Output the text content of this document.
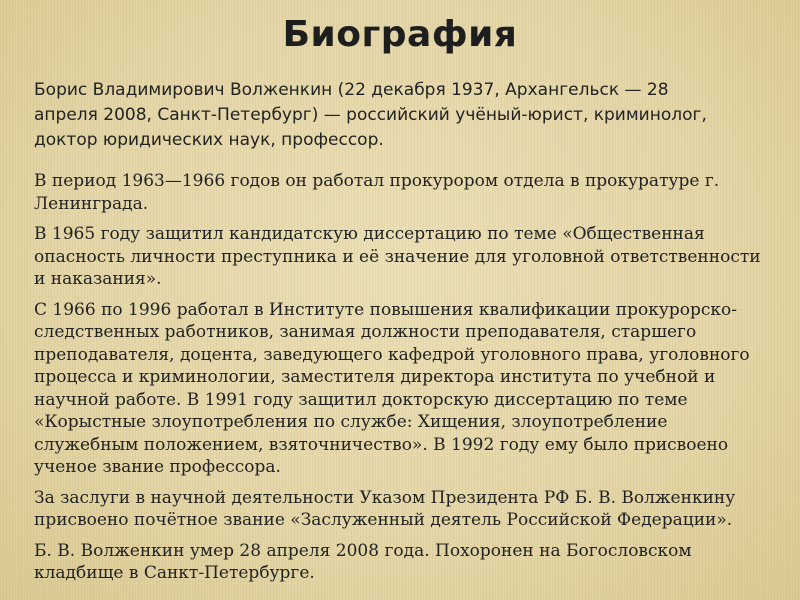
Биография
Борис Владимирович Волженкин (22 декабря 1937, Архангельск — 28 апреля 2008, Санкт-Петербург) — российский учёный-юрист, криминолог, доктор юридических наук, профессор.

В период 1963—1966 годов он работал прокурором отдела в прокуратуре г. Ленинграда.

В 1965 году защитил кандидатскую диссертацию по теме «Общественная опасность личности преступника и её значение для уголовной ответственности и наказания».

С 1966 по 1996 работал в Институте повышения квалификации прокурорско-следственных работников, занимая должности преподавателя, старшего преподавателя, доцента, заведующего кафедрой уголовного права, уголовного процесса и криминологии, заместителя директора института по учебной и научной работе. В 1991 году защитил докторскую диссертацию по теме «Корыстные злоупотребления по службе: Хищения, злоупотребление служебным положением, взяточничество». В 1992 году ему было присвоено ученое звание профессора.

За заслуги в научной деятельности Указом Президента РФ Б. В. Волженкину присвоено почётное звание «Заслуженный деятель Российской Федерации».

Б. В. Волженкин умер 28 апреля 2008 года. Похоронен на Богословском кладбище в Санкт-Петербурге.
